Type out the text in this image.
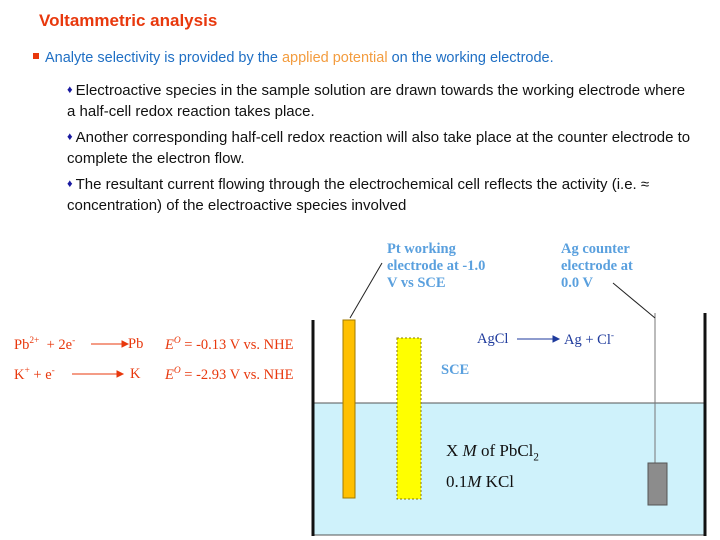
Voltammetric analysis
Analyte selectivity is provided by the applied potential on the working electrode.
♦ Electroactive species in the sample solution are drawn towards the working electrode where a half-cell redox reaction takes place.
♦ Another corresponding half-cell redox reaction will also take place at the counter electrode to complete the electron flow.
♦ The resultant current flowing through the electrochemical cell reflects the activity (i.e. ≈ concentration) of the electroactive species involved
$Pb^{2+} + 2e^-$	Pb $E^O = -0.13$ V vs. NHE
K+ + e-	K $E^O = -2.93$ V vs. NHE
Pt working
electrode at -1.0
V vs SCE
Ag counter
electrode at
0.0 V
AgCl	Ag + Cl-
SCE
X M of PbCl$_2$
0.1M KCl
